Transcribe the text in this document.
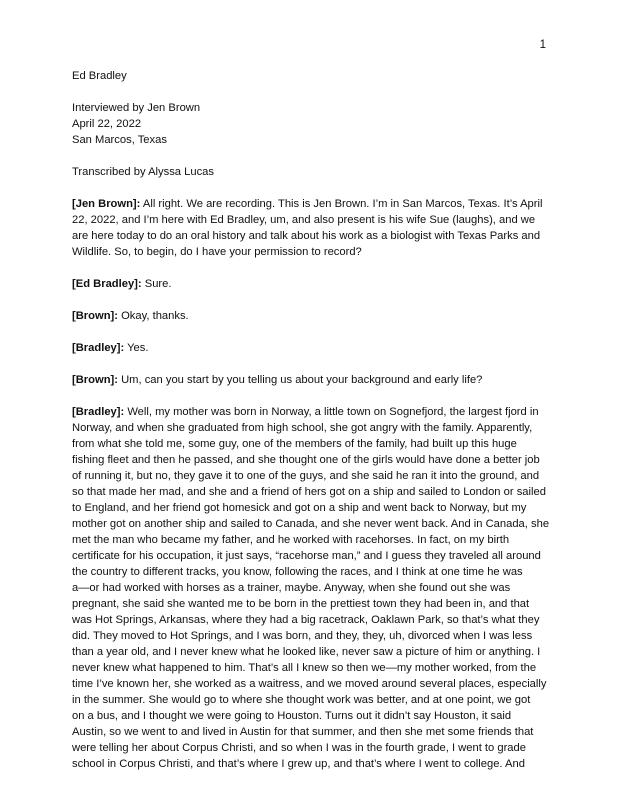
1
Ed Bradley
Interviewed by Jen Brown
April 22, 2022
San Marcos, Texas
Transcribed by Alyssa Lucas
[Jen Brown]: All right. We are recording. This is Jen Brown. I’m in San Marcos, Texas. It’s April
22, 2022, and I’m here with Ed Bradley, um, and also present is his wife Sue (laughs), and we
are here today to do an oral history and talk about his work as a biologist with Texas Parks and
Wildlife. So, to begin, do I have your permission to record?
[Ed Bradley]: Sure.
[Brown]: Okay, thanks.
[Bradley]: Yes.
[Brown]: Um, can you start by you telling us about your background and early life?
[Bradley]: Well, my mother was born in Norway, a little town on Sognefjord, the largest fjord in
Norway, and when she graduated from high school, she got angry with the family. Apparently,
from what she told me, some guy, one of the members of the family, had built up this huge
fishing fleet and then he passed, and she thought one of the girls would have done a better job
of running it, but no, they gave it to one of the guys, and she said he ran it into the ground, and
so that made her mad, and she and a friend of hers got on a ship and sailed to London or sailed
to England, and her friend got homesick and got on a ship and went back to Norway, but my
mother got on another ship and sailed to Canada, and she never went back. And in Canada, she
met the man who became my father, and he worked with racehorses. In fact, on my birth
certificate for his occupation, it just says, “racehorse man,” and I guess they traveled all around
the country to different tracks, you know, following the races, and I think at one time he was
a—or had worked with horses as a trainer, maybe. Anyway, when she found out she was
pregnant, she said she wanted me to be born in the prettiest town they had been in, and that
was Hot Springs, Arkansas, where they had a big racetrack, Oaklawn Park, so that’s what they
did. They moved to Hot Springs, and I was born, and they, they, uh, divorced when I was less
than a year old, and I never knew what he looked like, never saw a picture of him or anything. I
never knew what happened to him. That’s all I knew so then we—my mother worked, from the
time I’ve known her, she worked as a waitress, and we moved around several places, especially
in the summer. She would go to where she thought work was better, and at one point, we got
on a bus, and I thought we were going to Houston. Turns out it didn’t say Houston, it said
Austin, so we went to and lived in Austin for that summer, and then she met some friends that
were telling her about Corpus Christi, and so when I was in the fourth grade, I went to grade
school in Corpus Christi, and that’s where I grew up, and that’s where I went to college. And
